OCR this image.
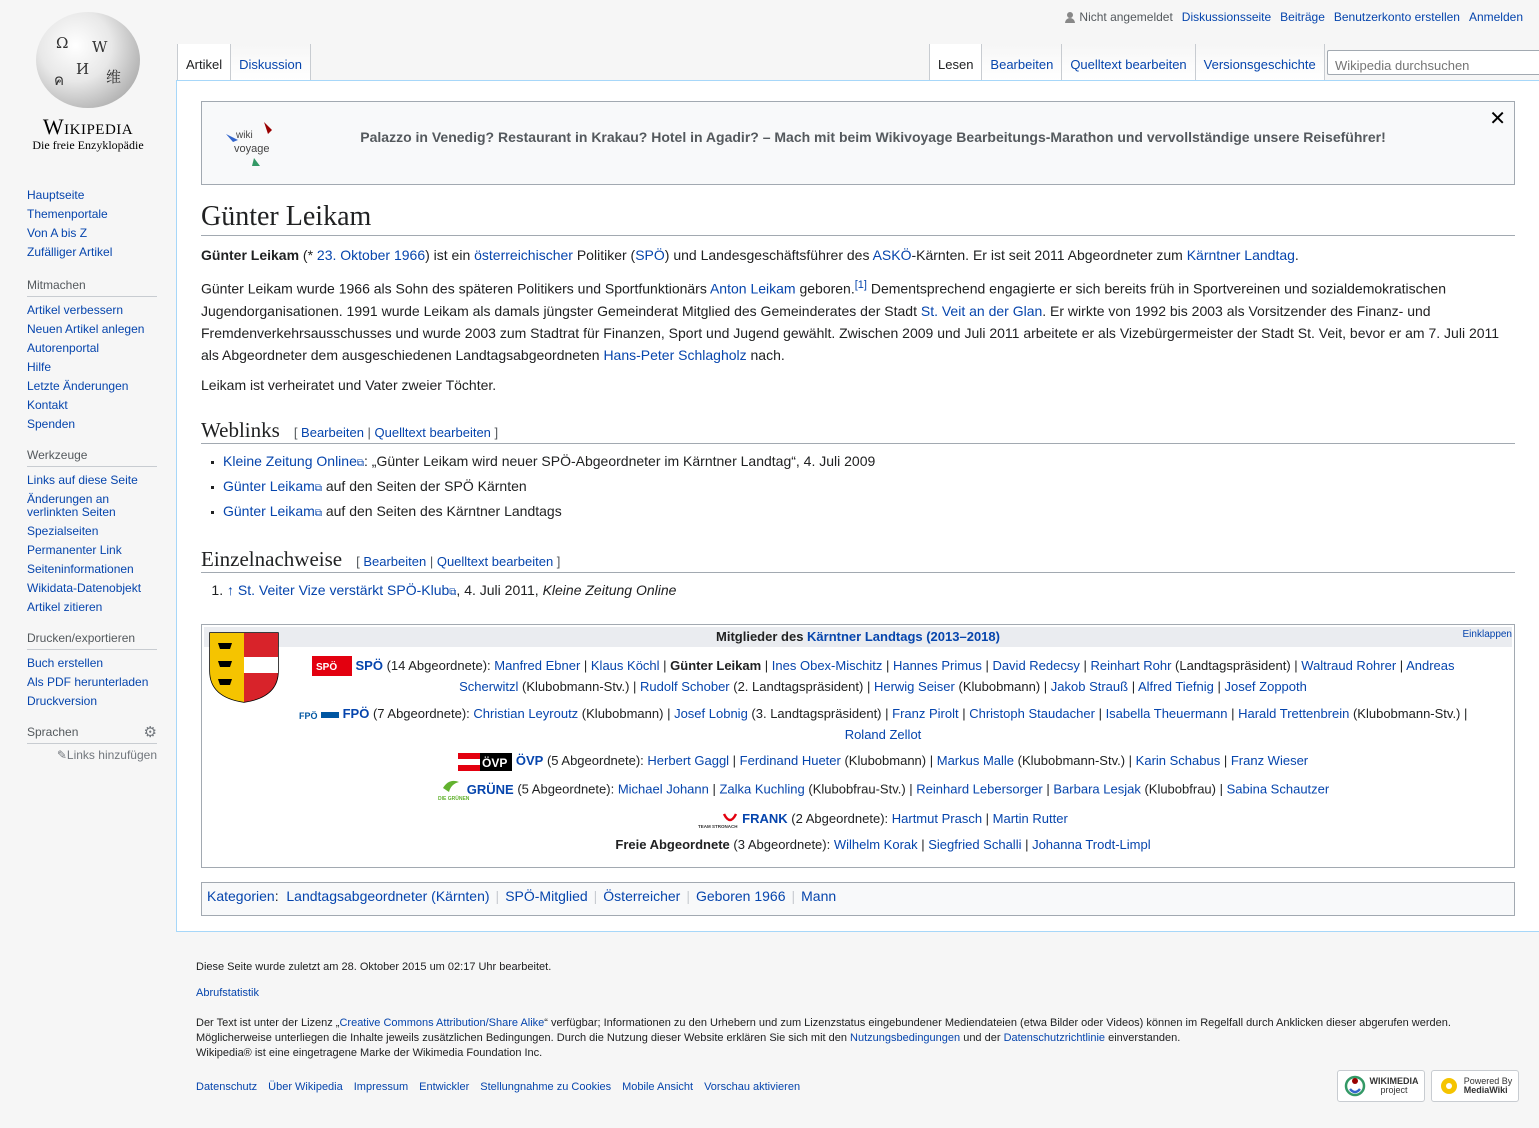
Nicht angemeldet Diskussionsseite Beiträge Benutzerkonto erstellen Anmelden
Ω W
И 维
ค
Wikipedia
Die freie Enzyklopädie
Hauptseite
Themenportale
Von A bis Z
Zufälliger Artikel
Mitmachen
Artikel verbessern
Neuen Artikel anlegen
Autorenportal
Hilfe
Letzte Änderungen
Kontakt
Spenden
Werkzeuge
Links auf diese Seite
Änderungen an verlinkten Seiten
Spezialseiten
Permanenter Link
Seiteninformationen
Wikidata-Datenobjekt
Artikel zitieren
Drucken/exportieren
Buch erstellen
Als PDF herunterladen
Druckversion
Sprachen	⚙
✎Links hinzufügen
Artikel	Diskussion	Lesen	Bearbeiten	Quelltext bearbeiten	Versionsgeschichte
Wikipedia durchsuchen
wiki
voyage
Palazzo in Venedig? Restaurant in Krakau? Hotel in Agadir? – Mach mit beim Wikivoyage Bearbeitungs-Marathon und vervollständige unsere Reiseführer!
✕
Günter Leikam

Günter Leikam (* 23. Oktober 1966) ist ein österreichischer Politiker (SPÖ) und Landesgeschäftsführer des ASKÖ-Kärnten. Er ist seit 2011 Abgeordneter zum Kärntner Landtag.

Günter Leikam wurde 1966 als Sohn des späteren Politikers und Sportfunktionärs Anton Leikam geboren.[1] Dementsprechend engagierte er sich bereits früh in Sportvereinen und sozialdemokratischen Jugendorganisationen. 1991 wurde Leikam als damals jüngster Gemeinderat Mitglied des Gemeinderates der Stadt St. Veit an der Glan. Er wirkte von 1992 bis 2003 als Vorsitzender des Finanz- und Fremdenverkehrsausschusses und wurde 2003 zum Stadtrat für Finanzen, Sport und Jugend gewählt. Zwischen 2009 und Juli 2011 arbeitete er als Vizebürgermeister der Stadt St. Veit, bevor er am 7. Juli 2011 als Abgeordneter dem ausgeschiedenen Landtagsabgeordneten Hans-Peter Schlagholz nach.

Leikam ist verheiratet und Vater zweier Töchter.

Weblinks [ Bearbeiten | Quelltext bearbeiten ]
Kleine Zeitung Online⧉: „Günter Leikam wird neuer SPÖ-Abgeordneter im Kärntner Landtag“, 4. Juli 2009
Günter Leikam⧉ auf den Seiten der SPÖ Kärnten
Günter Leikam⧉ auf den Seiten des Kärntner Landtags
Einzelnachweise [ Bearbeiten | Quelltext bearbeiten ]
1. ↑ St. Veiter Vize verstärkt SPÖ-Klub⧉, 4. Juli 2011, Kleine Zeitung Online
Mitglieder des Kärntner Landtags (2013–2018)	Einklappen
SPÖ SPÖ (14 Abgeordnete): Manfred Ebner | Klaus Köchl | Günter Leikam | Ines Obex-Mischitz | Hannes Primus | David Redecsy | Reinhart Rohr (Landtagspräsident) | Waltraud Rohrer | Andreas Scherwitzl (Klubobmann-Stv.) | Rudolf Schober (2. Landtagspräsident) | Herwig Seiser (Klubobmann) | Jakob Strauß | Alfred Tiefnig | Josef Zoppoth
FPÖ FPÖ (7 Abgeordnete): Christian Leyroutz (Klubobmann) | Josef Lobnig (3. Landtagspräsident) | Franz Pirolt | Christoph Staudacher | Isabella Theuermann | Harald Trettenbrein (Klubobmann-Stv.) | Roland Zellot
ÖVP ÖVP (5 Abgeordnete): Herbert Gaggl | Ferdinand Hueter (Klubobmann) | Markus Malle (Klubobmann-Stv.) | Karin Schabus | Franz Wieser
DIE GRÜNEN
GRÜNE (5 Abgeordnete): Michael Johann | Zalka Kuchling (Klubobfrau-Stv.) | Reinhard Lebersorger | Barbara Lesjak (Klubobfrau) | Sabina Schautzer
TEAM STRONACH
FRANK (2 Abgeordnete): Hartmut Prasch | Martin Rutter
Freie Abgeordnete (3 Abgeordnete): Wilhelm Korak | Siegfried Schalli | Johanna Trodt-Limpl
Kategorien:  Landtagsabgeordneter (Kärnten) | SPÖ-Mitglied | Österreicher | Geboren 1966 | Mann
Diese Seite wurde zuletzt am 28. Oktober 2015 um 02:17 Uhr bearbeitet.
Abrufstatistik
Der Text ist unter der Lizenz „Creative Commons Attribution/Share Alike“ verfügbar; Informationen zu den Urhebern und zum Lizenzstatus eingebundener Mediendateien (etwa Bilder oder Videos) können im Regelfall durch Anklicken dieser abgerufen werden.
Möglicherweise unterliegen die Inhalte jeweils zusätzlichen Bedingungen. Durch die Nutzung dieser Website erklären Sie sich mit den Nutzungsbedingungen und der Datenschutzrichtlinie einverstanden.
Wikipedia® ist eine eingetragene Marke der Wikimedia Foundation Inc.
Datenschutz Über Wikipedia Impressum Entwickler Stellungnahme zu Cookies Mobile Ansicht Vorschau aktivieren	WIKIMEDIA
project
Powered By
MediaWiki
